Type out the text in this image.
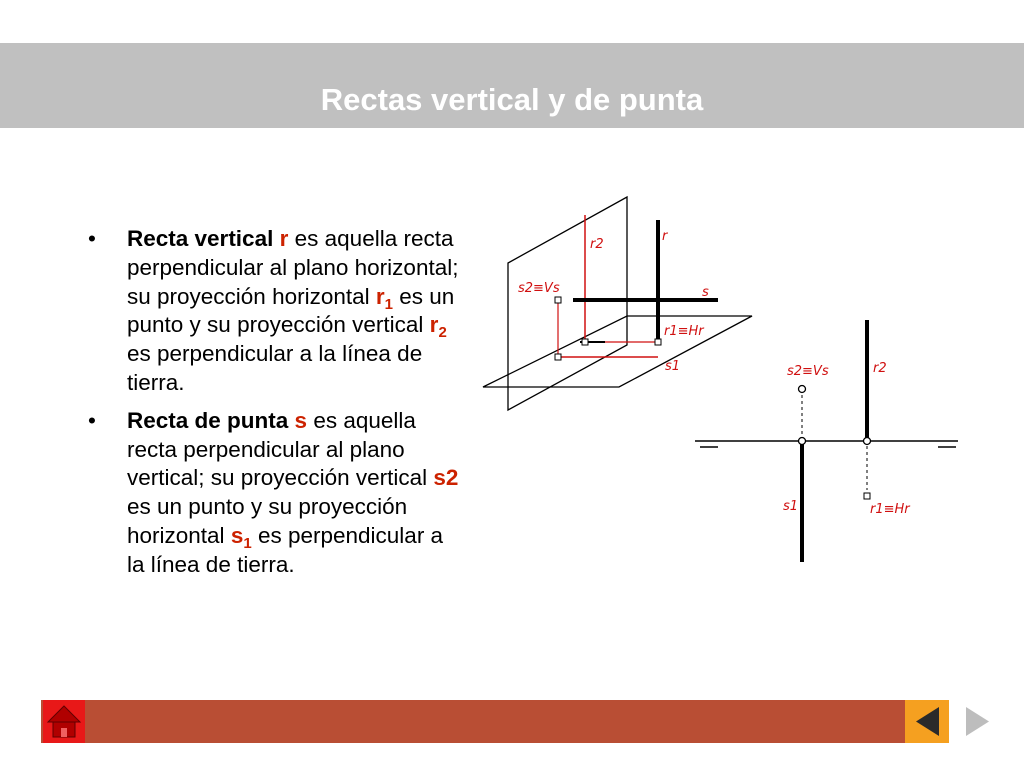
Rectas vertical y de punta
• Recta vertical r es aquella recta perpendicular al plano horizontal; su proyección horizontal $r_1$ es un punto y su proyección vertical $r_2$ es perpendicular a la línea de tierra.
• Recta de punta s es aquella recta perpendicular al plano vertical; su proyección vertical s2 es un punto y su proyección horizontal $s_1$ es perpendicular a la línea de tierra.
r2
r
s2≡Vs	s
r1≡Hr
s1	s2≡Vs	r2
s1	r1≡Hr
